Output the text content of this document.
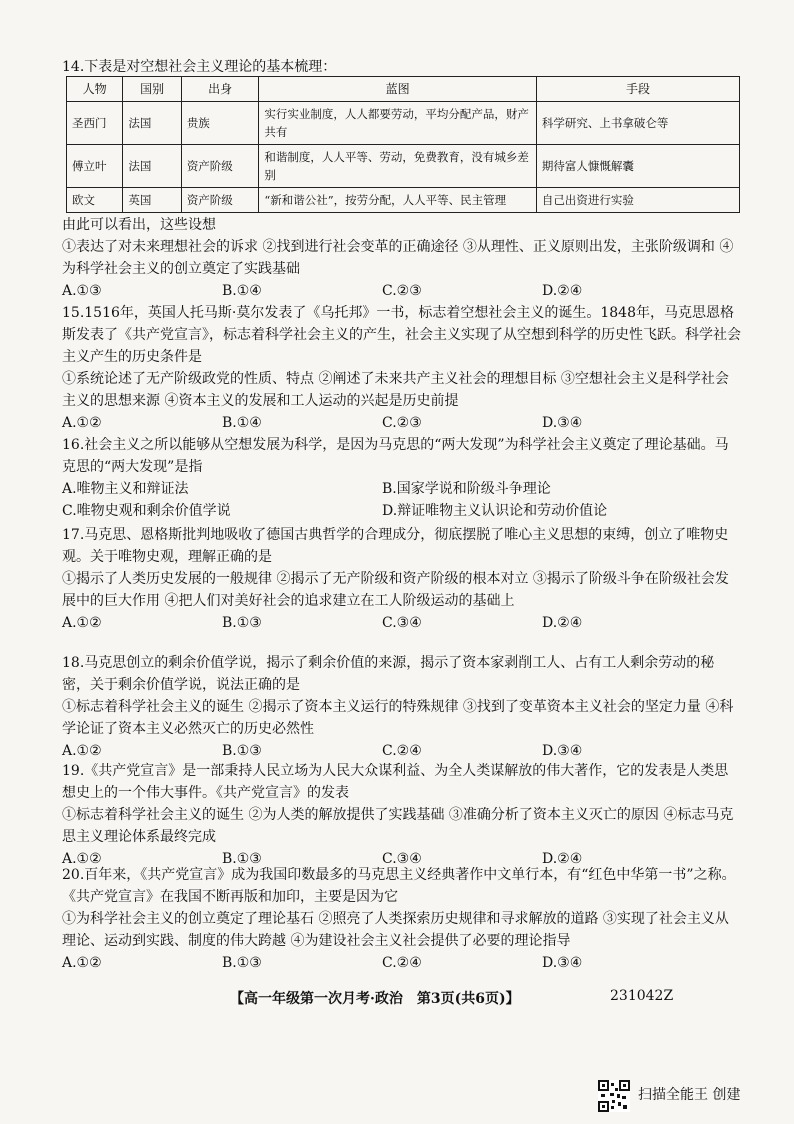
14.下表是对空想社会主义理论的基本梳理：
人物	国别	出身	蓝图	手段
圣西门	法国	贵族	实行实业制度，人人都要劳动，平均分配产品，财产共有	科学研究、上书拿破仑等
傅立叶	法国	资产阶级	和谐制度，人人平等、劳动，免费教育，没有城乡差别	期待富人慷慨解囊
欧文	英国	资产阶级	“新和谐公社”，按劳分配，人人平等、民主管理	自己出资进行实验
由此可以看出，这些设想
①表达了对未来理想社会的诉求 ②找到进行社会变革的正确途径 ③从理性、正义原则出发，主张阶级调和 ④为科学社会主义的创立奠定了实践基础
A.①③	B.①④	C.②③	D.②④
15.1516年，英国人托马斯·莫尔发表了《乌托邦》一书，标志着空想社会主义的诞生。1848年，马克思恩格斯发表了《共产党宣言》，标志着科学社会主义的产生，社会主义实现了从空想到科学的历史性飞跃。科学社会主义产生的历史条件是
①系统论述了无产阶级政党的性质、特点 ②阐述了未来共产主义社会的理想目标 ③空想社会主义是科学社会主义的思想来源 ④资本主义的发展和工人运动的兴起是历史前提
A.①②	B.①④	C.②③	D.③④
16.社会主义之所以能够从空想发展为科学，是因为马克思的“两大发现”为科学社会主义奠定了理论基础。马克思的“两大发现”是指
A.唯物主义和辩证法	B.国家学说和阶级斗争理论
C.唯物史观和剩余价值学说	D.辩证唯物主义认识论和劳动价值论
17.马克思、恩格斯批判地吸收了德国古典哲学的合理成分，彻底摆脱了唯心主义思想的束缚，创立了唯物史观。关于唯物史观，理解正确的是
①揭示了人类历史发展的一般规律 ②揭示了无产阶级和资产阶级的根本对立 ③揭示了阶级斗争在阶级社会发展中的巨大作用 ④把人们对美好社会的追求建立在工人阶级运动的基础上
A.①②	B.①③	C.③④	D.②④
18.马克思创立的剩余价值学说，揭示了剩余价值的来源，揭示了资本家剥削工人、占有工人剩余劳动的秘密，关于剩余价值学说，说法正确的是
①标志着科学社会主义的诞生 ②揭示了资本主义运行的特殊规律 ③找到了变革资本主义社会的坚定力量 ④科学论证了资本主义必然灭亡的历史必然性
A.①②	B.①③	C.②④	D.③④
19.《共产党宣言》是一部秉持人民立场为人民大众谋利益、为全人类谋解放的伟大著作，它的发表是人类思想史上的一个伟大事件。《共产党宣言》的发表
①标志着科学社会主义的诞生 ②为人类的解放提供了实践基础 ③准确分析了资本主义灭亡的原因 ④标志马克思主义理论体系最终完成
A.①②	B.①③	C.③④	D.②④
20.百年来，《共产党宣言》成为我国印数最多的马克思主义经典著作中文单行本，有“红色中华第一书”之称。《共产党宣言》在我国不断再版和加印，主要是因为它
①为科学社会主义的创立奠定了理论基石 ②照亮了人类探索历史规律和寻求解放的道路 ③实现了社会主义从理论、运动到实践、制度的伟大跨越 ④为建设社会主义社会提供了必要的理论指导
A.①②	B.①③	C.②④	D.③④
【高一年级第一次月考·政治　第3页(共6页)】	231042Z
扫描全能王 创建
